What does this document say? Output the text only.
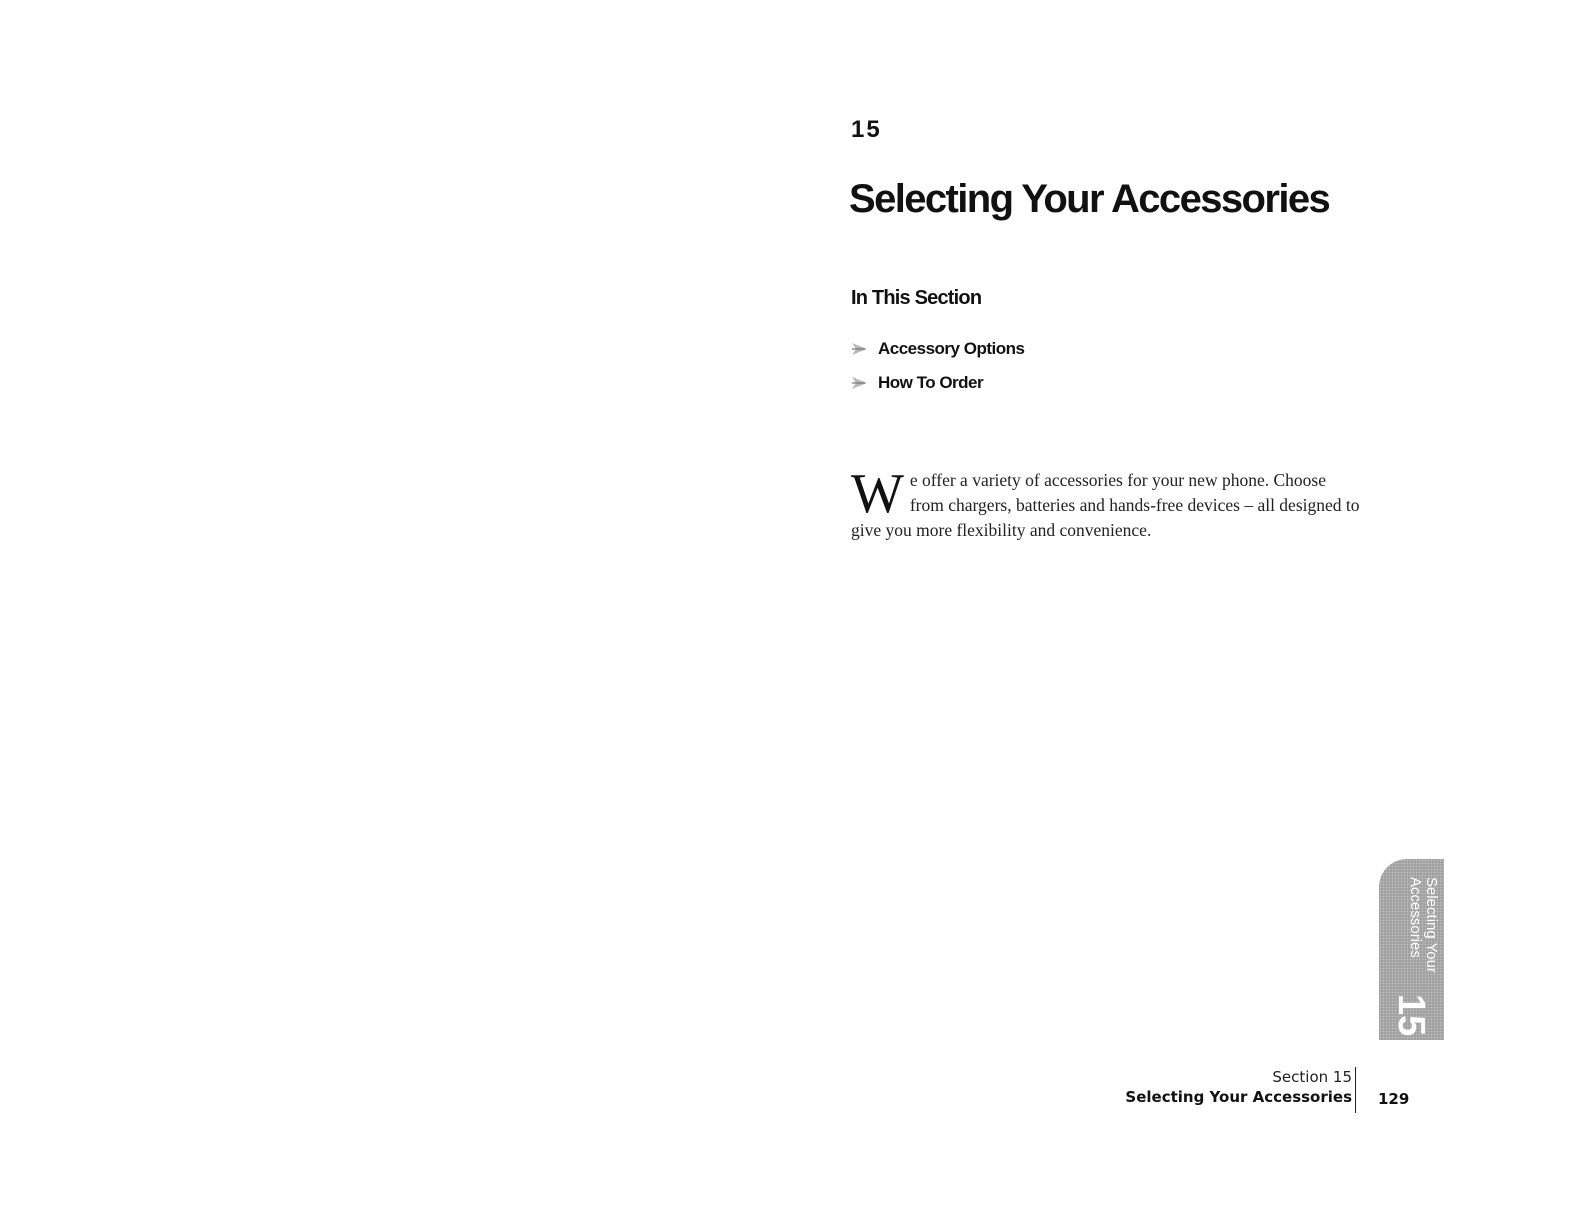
15
Selecting Your Accessories
In This Section
Accessory Options
How To Order

We offer a variety of accessories for your new phone. Choose from chargers, batteries and hands-free devices – all designed to give you more flexibility and convenience.

Selecting Your
Accessories
15
Section 15
Selecting Your Accessories 129
